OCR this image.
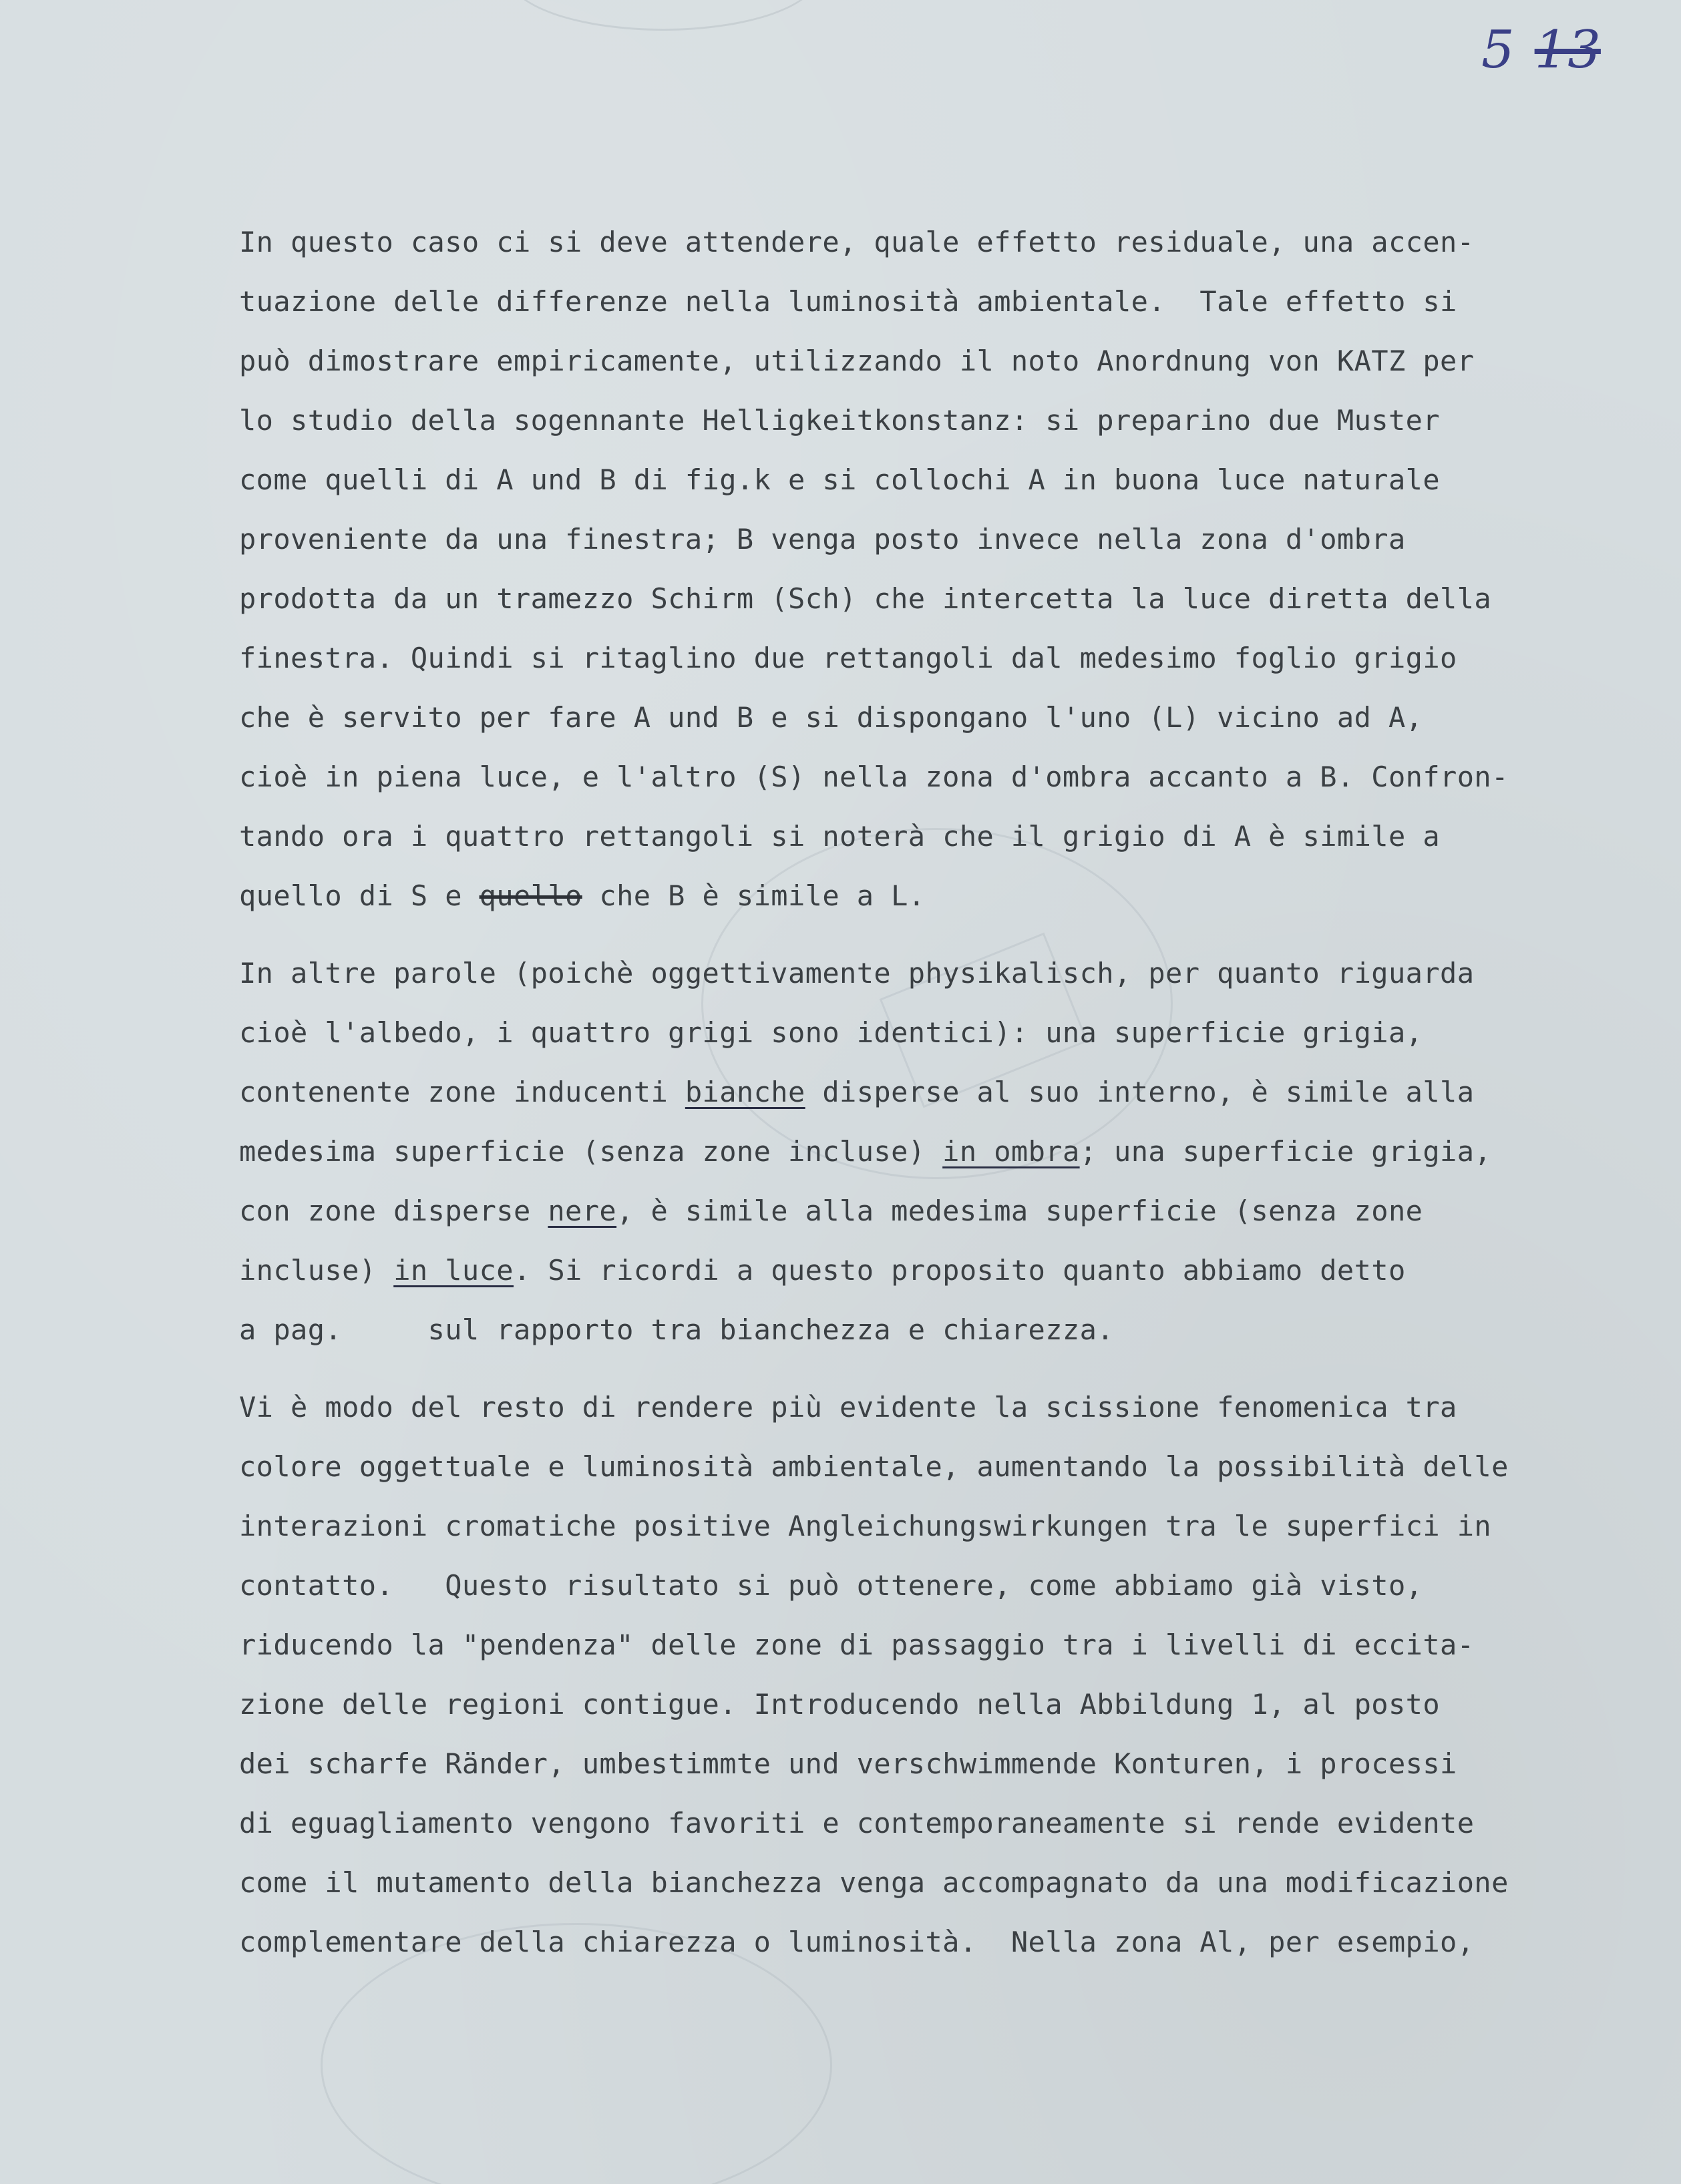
5 13
In questo caso ci si deve attendere, quale effetto residuale, una accen-
tuazione delle differenze nella luminosità ambientale.  Tale effetto si
può dimostrare empiricamente, utilizzando il noto Anordnung von KATZ per
lo studio della sogennante Helligkeitkonstanz: si preparino due Muster
come quelli di A und B di fig.k e si collochi A in buona luce naturale
proveniente da una finestra; B venga posto invece nella zona d'ombra
prodotta da un tramezzo Schirm (Sch) che intercetta la luce diretta della
finestra. Quindi si ritaglino due rettangoli dal medesimo foglio grigio
che è servito per fare A und B e si dispongano l'uno (L) vicino ad A,
cioè in piena luce, e l'altro (S) nella zona d'ombra accanto a B. Confron-
tando ora i quattro rettangoli si noterà che il grigio di A è simile a
quello di S e quello che B è simile a L.
In altre parole (poichè oggettivamente physikalisch, per quanto riguarda
cioè l'albedo, i quattro grigi sono identici): una superficie grigia,
contenente zone inducenti bianche disperse al suo interno, è simile alla
medesima superficie (senza zone incluse) in ombra; una superficie grigia,
con zone disperse nere, è simile alla medesima superficie (senza zone
incluse) in luce. Si ricordi a questo proposito quanto abbiamo detto
a pag.     sul rapporto tra bianchezza e chiarezza.
Vi è modo del resto di rendere più evidente la scissione fenomenica tra
colore oggettuale e luminosità ambientale, aumentando la possibilità delle
interazioni cromatiche positive Angleichungswirkungen tra le superfici in
contatto.   Questo risultato si può ottenere, come abbiamo già visto,
riducendo la "pendenza" delle zone di passaggio tra i livelli di eccita-
zione delle regioni contigue. Introducendo nella Abbildung 1, al posto
dei scharfe Ränder, umbestimmte und verschwimmende Konturen, i processi
di eguagliamento vengono favoriti e contemporaneamente si rende evidente
come il mutamento della bianchezza venga accompagnato da una modificazione
complementare della chiarezza o luminosità.  Nella zona Al, per esempio,
